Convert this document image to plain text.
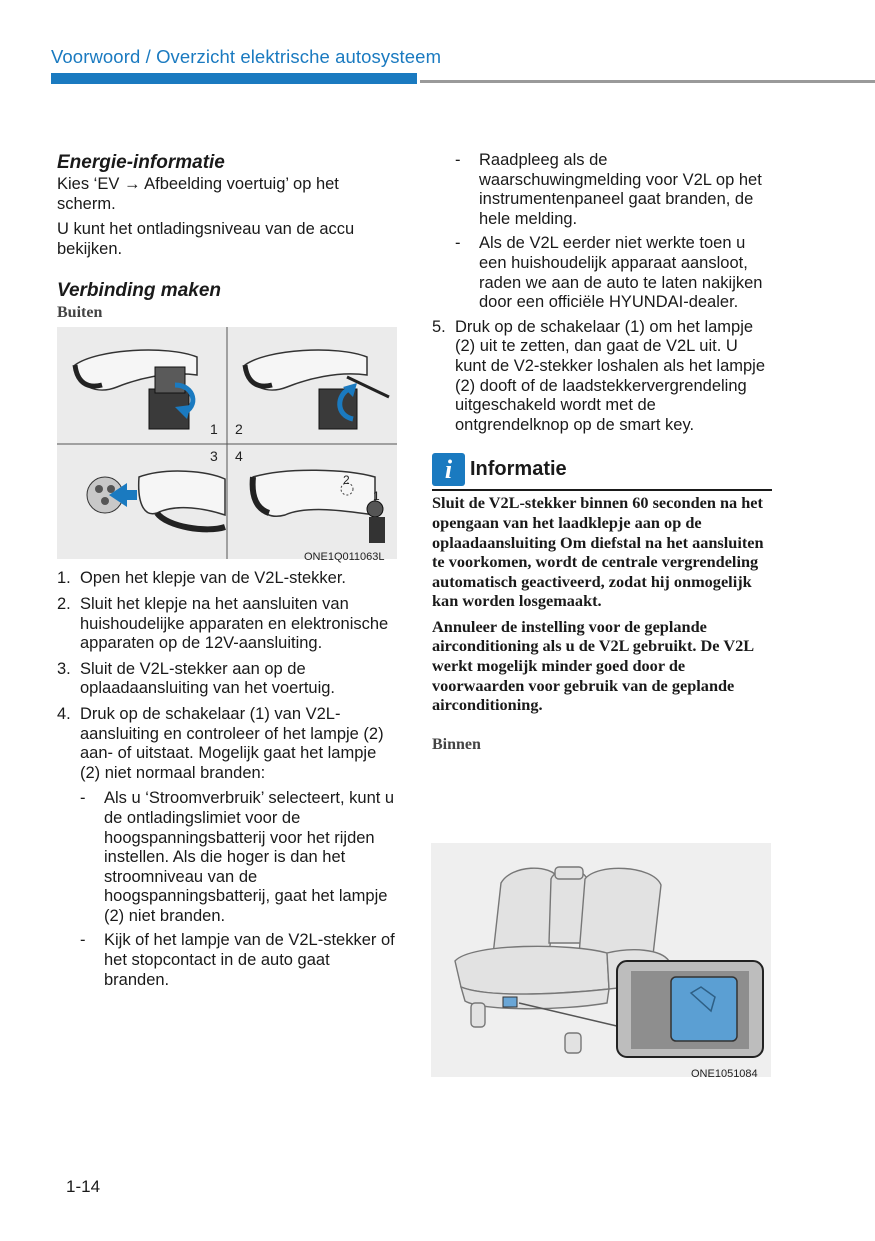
Voorwoord / Overzicht elektrische autosysteem
Energie-informatie

Kies ‘EV → Afbeelding voertuig’ op het scherm.

U kunt het ontladingsniveau van de accu bekijken.

Verbinding maken
Buiten
1 2
3 4
2
1
ONE1Q011063L
1. Open het klepje van de V2L-stekker.
2. Sluit het klepje na het aansluiten van huishoudelijke apparaten en elektronische apparaten op de 12V-aansluiting.
3. Sluit de V2L-stekker aan op de oplaadaansluiting van het voertuig.
4. Druk op de schakelaar (1) van V2L-aansluiting en controleer of het lampje (2) aan- of uitstaat. Mogelijk gaat het lampje (2) niet normaal branden:
- Als u ‘Stroomverbruik’ selecteert, kunt u de ontladingslimiet voor de hoogspanningsbatterij voor het rijden instellen. Als die hoger is dan het stroomniveau van de hoogspanningsbatterij, gaat het lampje (2) niet branden.
- Kijk of het lampje van de V2L-stekker of het stopcontact in de auto gaat branden.
- Raadpleeg als de waarschuwingmelding voor V2L op het instrumentenpaneel gaat branden, de hele melding.
- Als de V2L eerder niet werkte toen u een huishoudelijk apparaat aansloot, raden we aan de auto te laten nakijken door een officiële HYUNDAI-dealer.
5. Druk op de schakelaar (1) om het lampje (2) uit te zetten, dan gaat de V2L uit. U kunt de V2-stekker loshalen als het lampje (2) dooft of de laadstekkervergrendeling uitgeschakeld wordt met de ontgrendelknop op de smart key.
i Informatie

Sluit de V2L-stekker binnen 60 seconden na het opengaan van het laadklepje aan op de oplaadaansluiting Om diefstal na het aansluiten te voorkomen, wordt de centrale vergrendeling automatisch geactiveerd, zodat hij onmogelijk kan worden losgemaakt.

Annuleer de instelling voor de geplande airconditioning als u de V2L gebruikt. De V2L werkt mogelijk minder goed door de voorwaarden voor gebruik van de geplande airconditioning.

Binnen
ONE1051084
1-14
